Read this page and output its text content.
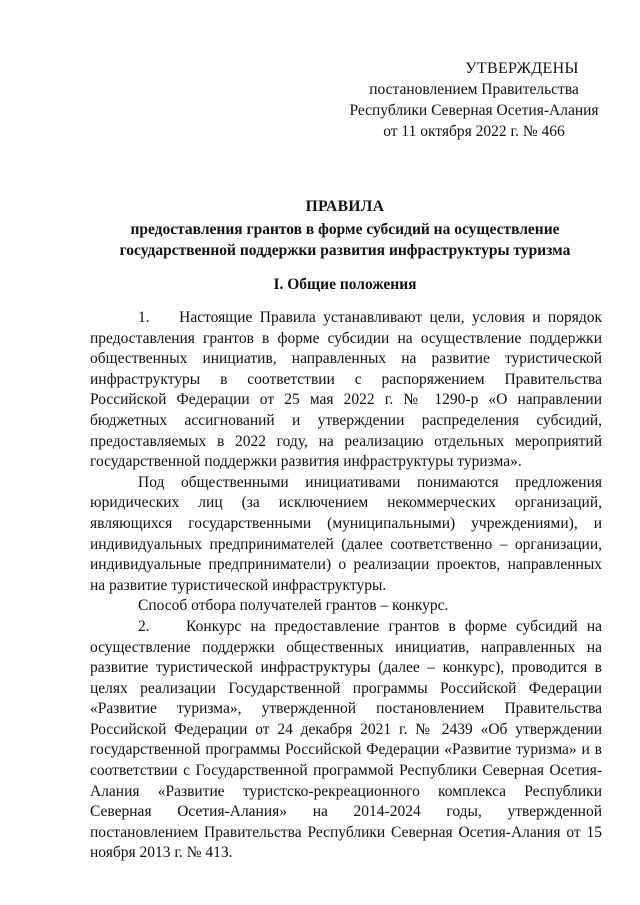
УТВЕРЖДЕНЫ
постановлением Правительства
Республики Северная Осетия-Алания
от 11 октября 2022 г. № 466
ПРАВИЛА
предоставления грантов в форме субсидий на осуществление
государственной поддержки развития инфраструктуры туризма
I. Общие положения

1.    Настоящие Правила устанавливают цели, условия и порядок предоставления грантов в форме субсидии на осуществление поддержки общественных инициатив, направленных на развитие туристической инфраструктуры в соответствии с распоряжением Правительства Российской Федерации от 25 мая 2022 г. № 1290-р «О направлении бюджетных ассигнований и утверждении распределения субсидий, предоставляемых в 2022 году, на реализацию отдельных мероприятий государственной поддержки развития инфраструктуры туризма».

Под общественными инициативами понимаются предложения юридических лиц (за исключением некоммерческих организаций, являющихся государственными (муниципальными) учреждениями), и индивидуальных предпринимателей (далее соответственно – организации, индивидуальные предприниматели) о реализации проектов, направленных на развитие туристической инфраструктуры.

Способ отбора получателей грантов – конкурс.

2.    Конкурс на предоставление грантов в форме субсидий на осуществление поддержки общественных инициатив, направленных на развитие туристической инфраструктуры (далее – конкурс), проводится в целях реализации Государственной программы Российской Федерации «Развитие туризма», утвержденной постановлением Правительства Российской Федерации от 24 декабря 2021 г. № 2439 «Об утверждении государственной программы Российской Федерации «Развитие туризма» и в соответствии с Государственной программой Республики Северная Осетия-Алания «Развитие туристско-рекреационного комплекса Республики Северная Осетия-Алания» на 2014-2024 годы, утвержденной постановлением Правительства Республики Северная Осетия-Алания от 15 ноября 2013 г. № 413.
